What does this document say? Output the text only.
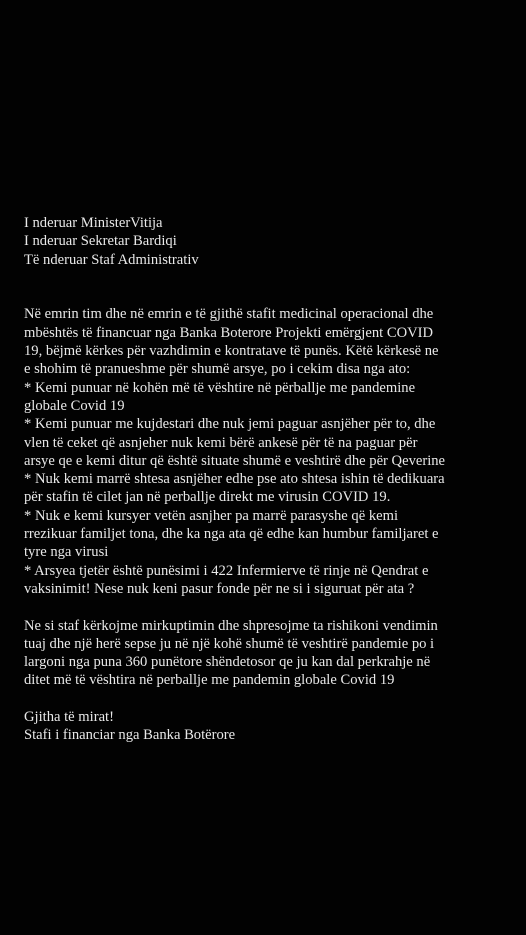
I nderuar MinisterVitija

I nderuar Sekretar Bardiqi

Të nderuar Staf Administrativ

Në emrin tim dhe në emrin e të gjithë stafit medicinal operacional dhe

mbështës të financuar nga Banka Boterore Projekti emërgjent COVID

19, bëjmë kërkes për vazhdimin e kontratave të punës. Këtë kërkesë ne

e shohim të pranueshme për shumë arsye, po i cekim disa nga ato:

* Kemi punuar në kohën më të vështire në përballje me pandemine

globale Covid 19

* Kemi punuar me kujdestari dhe nuk jemi paguar asnjëher për to, dhe

vlen të ceket që asnjeher nuk kemi bërë ankesë për të na paguar për

arsye qe e kemi ditur që është situate shumë e veshtirë dhe për Qeverine

* Nuk kemi marrë shtesa asnjëher edhe pse ato shtesa ishin të dedikuara

për stafin të cilet jan në perballje direkt me virusin COVID 19.

* Nuk e kemi kursyer vetën asnjher pa marrë parasyshe që kemi

rrezikuar familjet tona, dhe ka nga ata që edhe kan humbur familjaret e

tyre nga virusi

* Arsyea tjetër është punësimi i 422 Infermierve të rinje në Qendrat e

vaksinimit! Nese nuk keni pasur fonde për ne si i siguruat për ata ?

Ne si staf kërkojme mirkuptimin dhe shpresojme ta rishikoni vendimin

tuaj dhe një herë sepse ju në një kohë shumë të veshtirë pandemie po i

largoni nga puna 360 punëtore shëndetosor qe ju kan dal perkrahje në

ditet më të vështira në perballje me pandemin globale Covid 19

Gjitha të mirat!

Stafi i financiar nga Banka Botërore
